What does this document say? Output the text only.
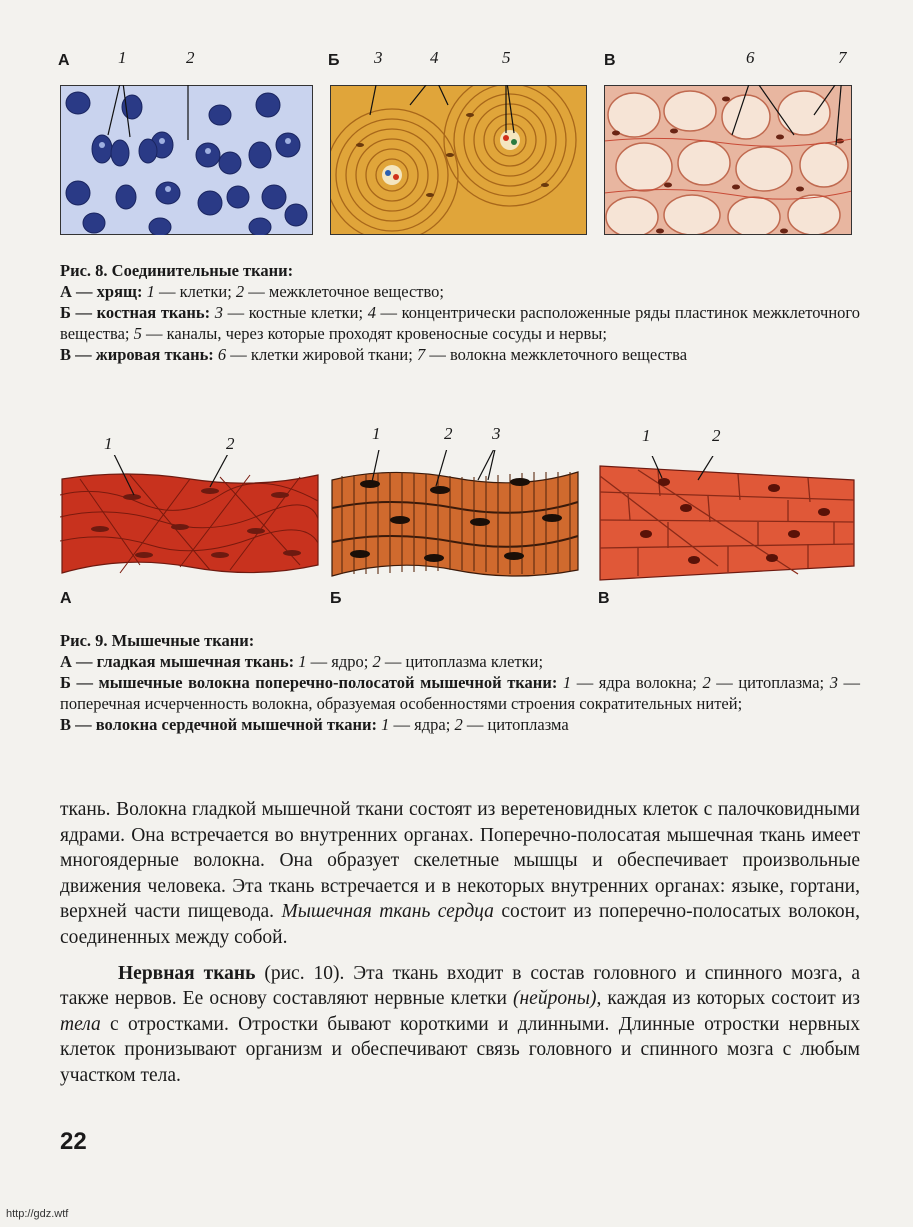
А	1	2	Б 3	4	5	В	6	7
Рис. 8. Соединительные ткани:
А — хрящ: 1 — клетки; 2 — межклеточное вещество;
Б — костная ткань: 3 — костные клетки; 4 — концентрически расположенные ряды пластинок межклеточного вещества; 5 — каналы, через которые проходят кровеносные сосуды и нервы;
В — жировая ткань: 6 — клетки жировой ткани; 7 — волокна межклеточного вещества
1	2
А
1	2 3
Б
1	2
В
Рис. 9. Мышечные ткани:
А — гладкая мышечная ткань: 1 — ядро; 2 — цитоплазма клетки;
Б — мышечные волокна поперечно-полосатой мышечной ткани: 1 — ядра волокна; 2 — цитоплазма; 3 — поперечная исчерченность волокна, образуемая особенностями строения сократительных нитей;
В — волокна сердечной мышечной ткани: 1 — ядра; 2 — цитоплазма

ткань. Волокна гладкой мышечной ткани состоят из веретеновидных клеток с палочковидными ядрами. Она встречается во внутренних органах. Поперечно-полосатая мышечная ткань имеет многоядерные волокна. Она образует скелетные мышцы и обеспечивает произвольные движения человека. Эта ткань встречается и в некоторых внутренних органах: языке, гортани, верхней части пищевода. Мышечная ткань сердца состоит из поперечно-полосатых волокон, соединенных между собой.

Нервная ткань (рис. 10). Эта ткань входит в состав головного и спинного мозга, а также нервов. Ее основу составляют нервные клетки (нейроны), каждая из которых состоит из тела с отростками. Отростки бывают короткими и длинными. Длинные отростки нервных клеток пронизывают организм и обеспечивают связь головного и спинного мозга с любым участком тела.

22
http://gdz.wtf
